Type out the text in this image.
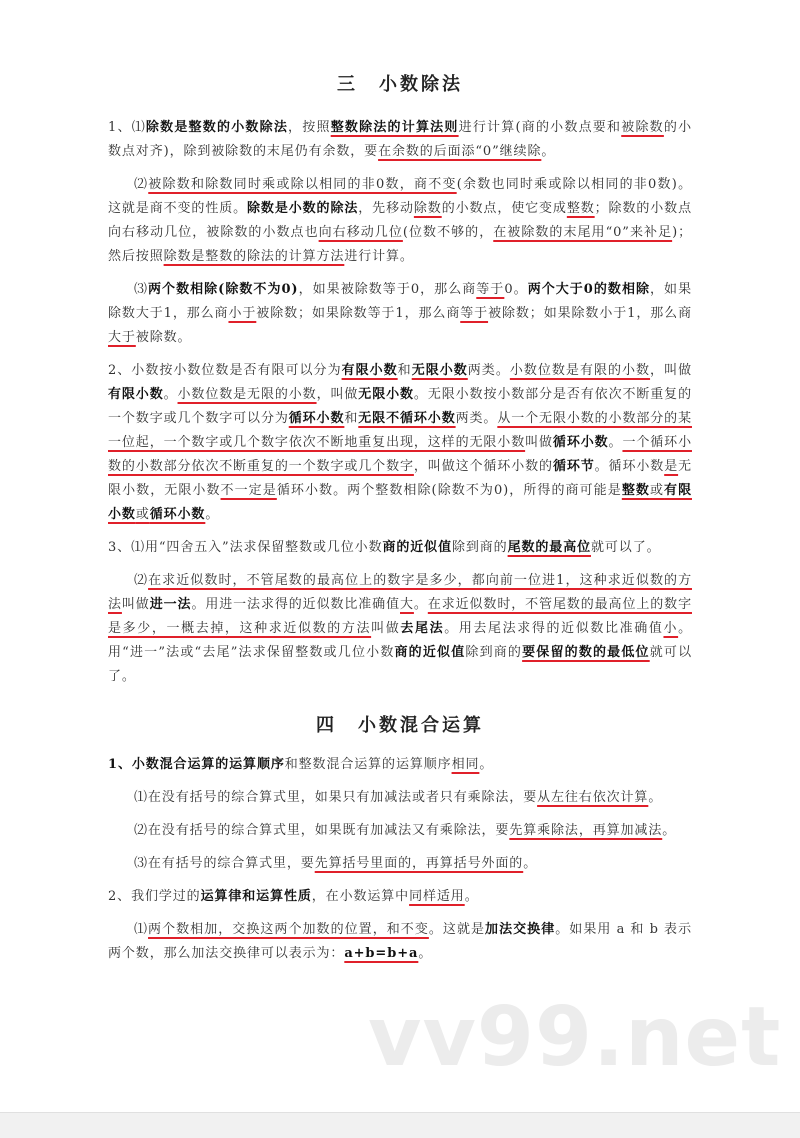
三　小数除法

1、⑴除数是整数的小数除法，按照整数除法的计算法则进行计算(商的小数点要和被除数的小数点对齐)，除到被除数的末尾仍有余数，要在余数的后面添“0”继续除。

⑵被除数和除数同时乘或除以相同的非0数，商不变(余数也同时乘或除以相同的非0数)。这就是商不变的性质。除数是小数的除法，先移动除数的小数点，使它变成整数；除数的小数点向右移动几位，被除数的小数点也向右移动几位(位数不够的，在被除数的末尾用“0”来补足)；然后按照除数是整数的除法的计算方法进行计算。

⑶两个数相除(除数不为0)，如果被除数等于0，那么商等于0。两个大于0的数相除，如果除数大于1，那么商小于被除数；如果除数等于1，那么商等于被除数；如果除数小于1，那么商大于被除数。

2、小数按小数位数是否有限可以分为有限小数和无限小数两类。小数位数是有限的小数，叫做有限小数。小数位数是无限的小数，叫做无限小数。无限小数按小数部分是否有依次不断重复的一个数字或几个数字可以分为循环小数和无限不循环小数两类。从一个无限小数的小数部分的某一位起，一个数字或几个数字依次不断地重复出现，这样的无限小数叫做循环小数。一个循环小数的小数部分依次不断重复的一个数字或几个数字，叫做这个循环小数的循环节。循环小数是无限小数，无限小数不一定是循环小数。两个整数相除(除数不为0)，所得的商可能是整数或有限小数或循环小数。

3、⑴用“四舍五入”法求保留整数或几位小数商的近似值除到商的尾数的最高位就可以了。

⑵在求近似数时，不管尾数的最高位上的数字是多少，都向前一位进1，这种求近似数的方法叫做进一法。用进一法求得的近似数比准确值大。在求近似数时，不管尾数的最高位上的数字是多少，一概去掉，这种求近似数的方法叫做去尾法。用去尾法求得的近似数比准确值小。用“进一”法或“去尾”法求保留整数或几位小数商的近似值除到商的要保留的数的最低位就可以了。

四　小数混合运算

1、小数混合运算的运算顺序和整数混合运算的运算顺序相同。

⑴在没有括号的综合算式里，如果只有加减法或者只有乘除法，要从左往右依次计算。

⑵在没有括号的综合算式里，如果既有加减法又有乘除法，要先算乘除法，再算加减法。

⑶在有括号的综合算式里，要先算括号里面的，再算括号外面的。

2、我们学过的运算律和运算性质，在小数运算中同样适用。

⑴两个数相加，交换这两个加数的位置，和不变。这就是加法交换律。如果用 a 和 b 表示两个数，那么加法交换律可以表示为：a+b=b+a。

vv99.net
